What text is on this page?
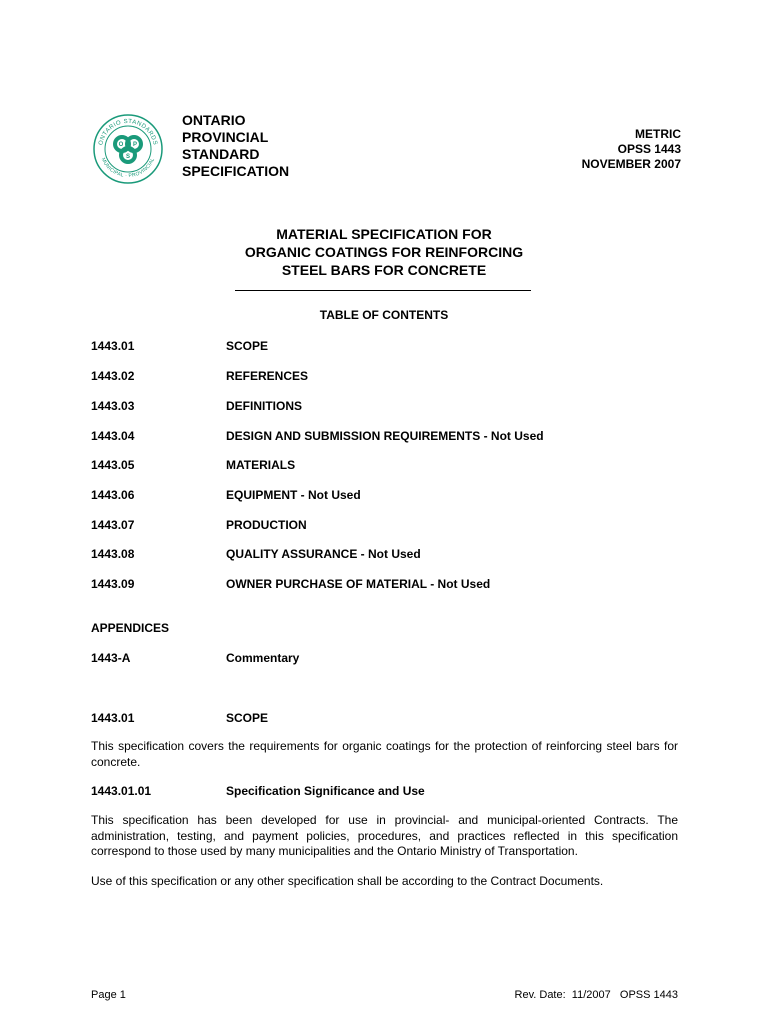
ONTARIO STANDARDS
MUNICIPAL · PROVINCIAL
O P
S
ONTARIO
PROVINCIAL
STANDARD
SPECIFICATION
METRIC
OPSS 1443
NOVEMBER 2007
MATERIAL SPECIFICATION FOR
ORGANIC COATINGS FOR REINFORCING
STEEL BARS FOR CONCRETE
TABLE OF CONTENTS
1443.01	SCOPE
1443.02	REFERENCES
1443.03	DEFINITIONS
1443.04	DESIGN AND SUBMISSION REQUIREMENTS - Not Used
1443.05	MATERIALS
1443.06	EQUIPMENT - Not Used
1443.07	PRODUCTION
1443.08	QUALITY ASSURANCE - Not Used
1443.09	OWNER PURCHASE OF MATERIAL - Not Used
APPENDICES
1443-A	Commentary
1443.01	SCOPE
This specification covers the requirements for organic coatings for the protection of reinforcing steel bars for concrete.
1443.01.01	Specification Significance and Use
This specification has been developed for use in provincial- and municipal-oriented Contracts. The administration, testing, and payment policies, procedures, and practices reflected in this specification correspond to those used by many municipalities and the Ontario Ministry of Transportation.
Use of this specification or any other specification shall be according to the Contract Documents.
Page 1	Rev. Date:  11/2007   OPSS 1443
